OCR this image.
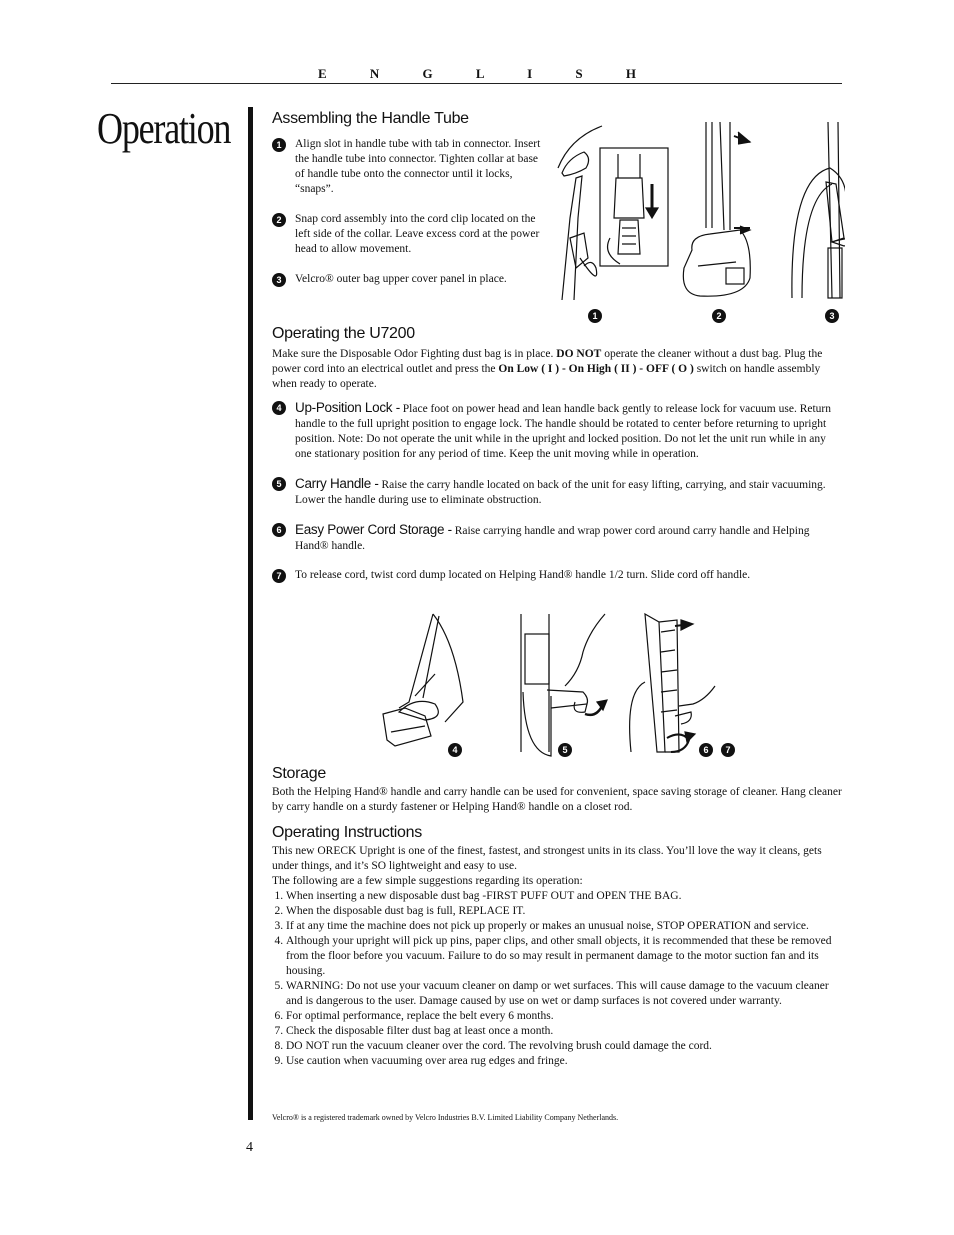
E N G L I S H
Operation
1	2	3
4	5	6	7
Assembling the Handle Tube
1	Align slot in handle tube with tab in connector. Insert the handle tube into connector. Tighten collar at base of handle tube onto the connector until it locks, “snaps”.
2	Snap cord assembly into the cord clip located on the left side of the collar. Leave excess cord at the power head to allow movement.
3	Velcro® outer bag upper cover panel in place.
Operating the U7200

Make sure the Disposable Odor Fighting dust bag is in place. DO NOT operate the cleaner without a dust bag. Plug the power cord into an electrical outlet and press the On Low ( I ) - On High ( II ) - OFF ( O ) switch on handle assembly when ready to operate.

4	Up-Position Lock - Place foot on power head and lean handle back gently to release lock for vacuum use. Return handle to the full upright position to engage lock. The handle should be rotated to center before returning to upright position. Note: Do not operate the unit while in the upright and locked position. Do not let the unit run while in any one stationary position for any period of time. Keep the unit moving while in operation.
5	Carry Handle - Raise the carry handle located on back of the unit for easy lifting, carrying, and stair vacuuming. Lower the handle during use to eliminate obstruction.
6	Easy Power Cord Storage - Raise carrying handle and wrap power cord around carry handle and Helping Hand® handle.
7	To release cord, twist cord dump located on Helping Hand® handle 1/2 turn. Slide cord off handle.
Storage

Both the Helping Hand® handle and carry handle can be used for convenient, space saving storage of cleaner. Hang cleaner by carry handle on a sturdy fastener or Helping Hand® handle on a closet rod.

Operating Instructions

This new ORECK Upright is one of the finest, fastest, and strongest units in its class. You’ll love the way it cleans, gets under things, and it’s SO lightweight and easy to use.

The following are a few simple suggestions regarding its operation:

1. When inserting a new disposable dust bag -FIRST PUFF OUT and OPEN THE BAG.
2. When the disposable dust bag is full, REPLACE IT.
3. If at any time the machine does not pick up properly or makes an unusual noise, STOP OPERATION and service.
4. Although your upright will pick up pins, paper clips, and other small objects, it is recommended that these be removed from the floor before you vacuum. Failure to do so may result in permanent damage to the motor suction fan and its housing.
5. WARNING: Do not use your vacuum cleaner on damp or wet surfaces. This will cause damage to the vacuum cleaner and is dangerous to the user. Damage caused by use on wet or damp surfaces is not covered under warranty.
6. For optimal performance, replace the belt every 6 months.
7. Check the disposable filter dust bag at least once a month.
8. DO NOT run the vacuum cleaner over the cord. The revolving brush could damage the cord.
9. Use caution when vacuuming over area rug edges and fringe.
Velcro® is a registered trademark owned by Velcro Industries B.V. Limited Liability Company Netherlands.
4
